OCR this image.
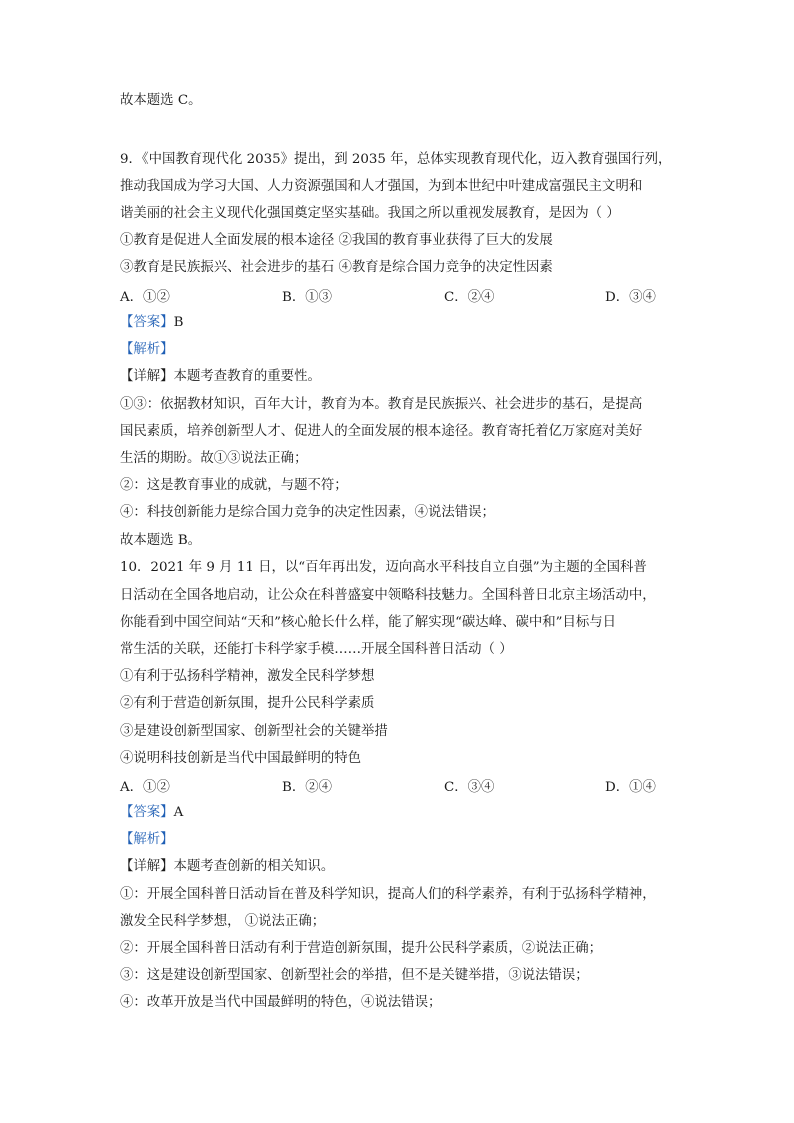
故本题选 C。
9．《中国教育现代化 2035》提出，到 2035 年，总体实现教育现代化，迈入教育强国行列，
推动我国成为学习大国、人力资源强国和人才强国，为到本世纪中叶建成富强民主文明和
谐美丽的社会主义现代化强国奠定坚实基础。我国之所以重视发展教育，是因为（ ）
①教育是促进人全面发展的根本途径 ②我国的教育事业获得了巨大的发展
③教育是民族振兴、社会进步的基石 ④教育是综合国力竞争的决定性因素
A．①②	B．①③	C．②④	D．③④
【答案】B
【解析】
【详解】本题考查教育的重要性。
①③：依据教材知识，百年大计，教育为本。教育是民族振兴、社会进步的基石，是提高
国民素质，培养创新型人才、促进人的全面发展的根本途径。教育寄托着亿万家庭对美好
生活的期盼。故①③说法正确；
②：这是教育事业的成就，与题不符；
④：科技创新能力是综合国力竞争的决定性因素，④说法错误；
故本题选 B。
10．2021 年 9 月 11 日，以“百年再出发，迈向高水平科技自立自强”为主题的全国科普
日活动在全国各地启动，让公众在科普盛宴中领略科技魅力。全国科普日北京主场活动中，
你能看到中国空间站“天和”核心舱长什么样，能了解实现“碳达峰、碳中和”目标与日
常生活的关联，还能打卡科学家手模……开展全国科普日活动（ ）
①有利于弘扬科学精神，激发全民科学梦想
②有利于营造创新氛围，提升公民科学素质
③是建设创新型国家、创新型社会的关键举措
④说明科技创新是当代中国最鲜明的特色
A．①②	B．②④	C．③④	D．①④
【答案】A
【解析】
【详解】本题考查创新的相关知识。
①：开展全国科普日活动旨在普及科学知识，提高人们的科学素养，有利于弘扬科学精神，
激发全民科学梦想， ①说法正确；
②：开展全国科普日活动有利于营造创新氛围，提升公民科学素质，②说法正确；
③：这是建设创新型国家、创新型社会的举措，但不是关键举措，③说法错误；
④：改革开放是当代中国最鲜明的特色，④说法错误；
